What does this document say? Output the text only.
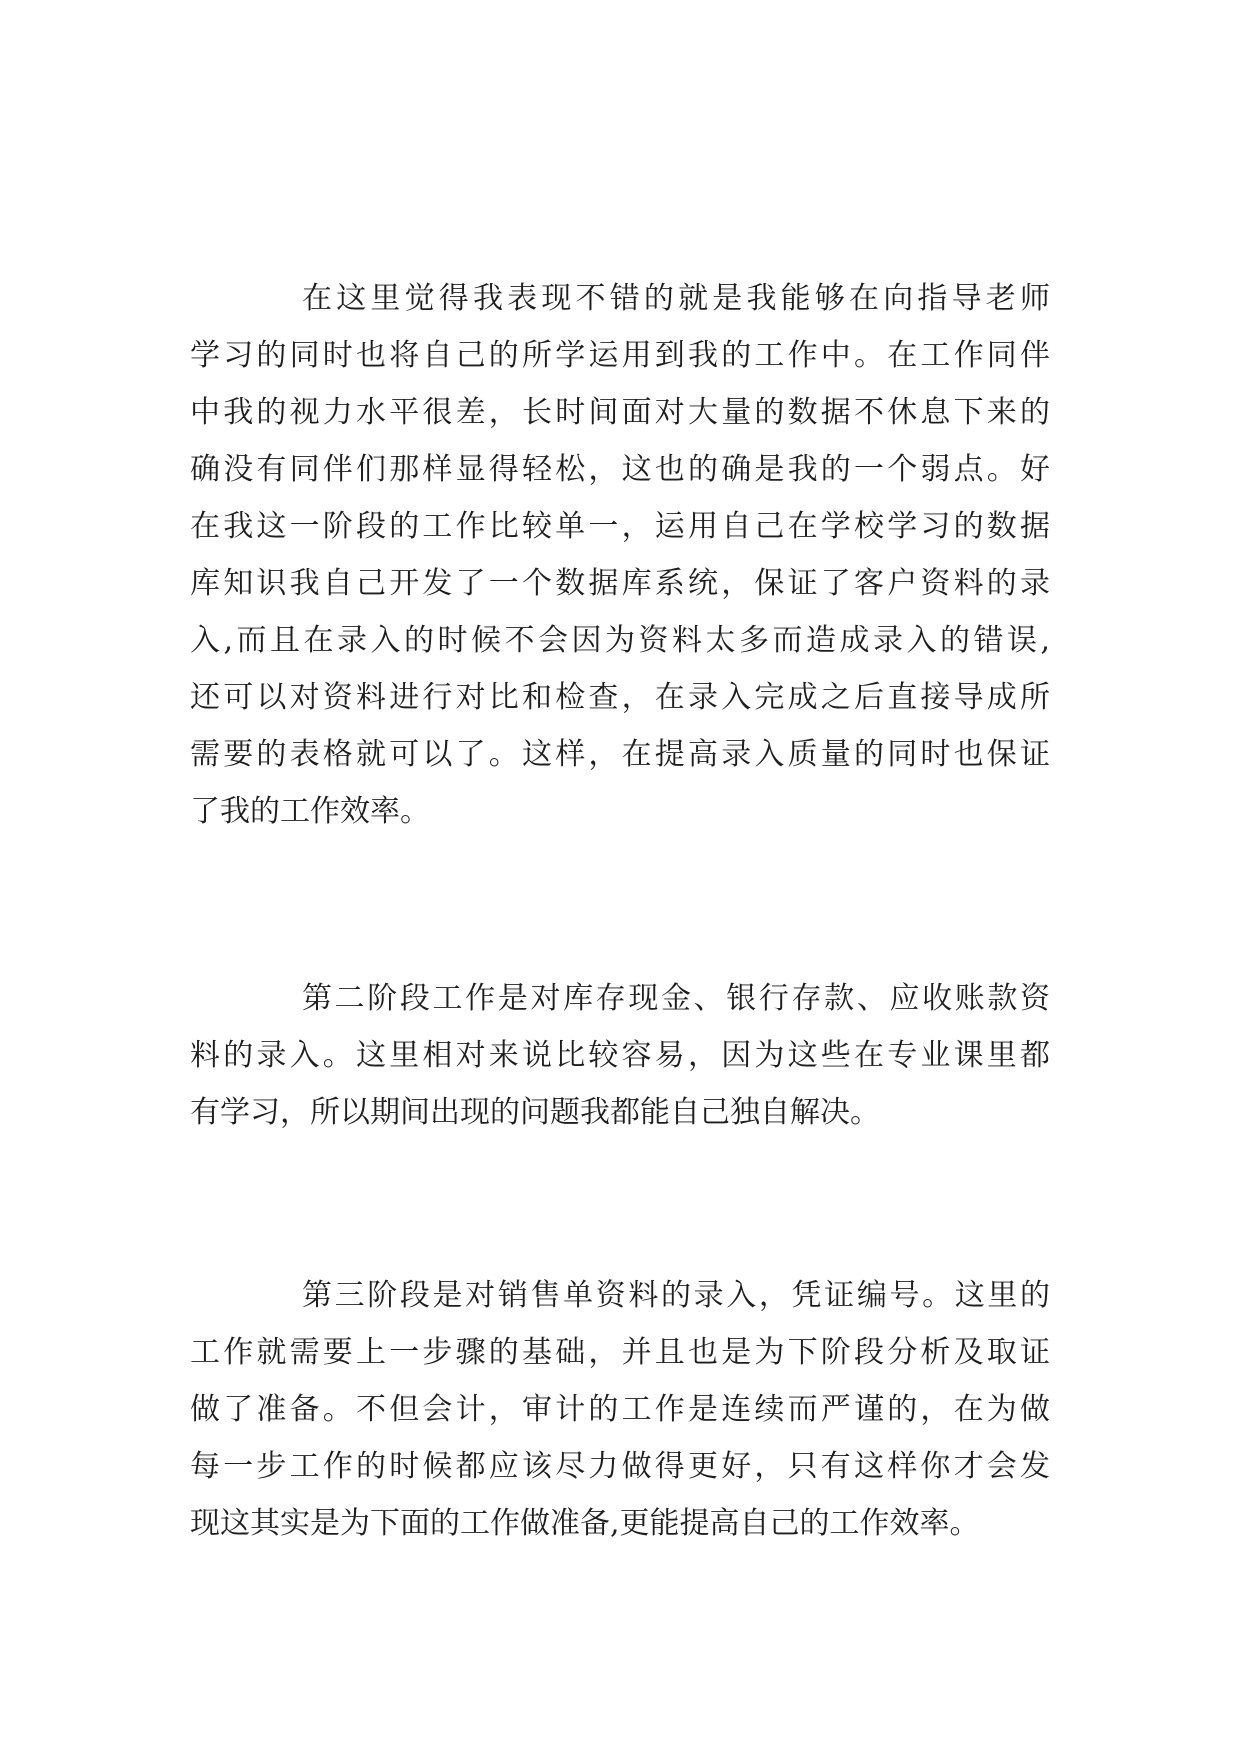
在这里觉得我表现不错的就是我能够在向指导老师
学习的同时也将自己的所学运用到我的工作中。在工作同伴
中我的视力水平很差，长时间面对大量的数据不休息下来的
确没有同伴们那样显得轻松，这也的确是我的一个弱点。好
在我这一阶段的工作比较单一，运用自己在学校学习的数据
库知识我自己开发了一个数据库系统，保证了客户资料的录
入,而且在录入的时候不会因为资料太多而造成录入的错误,
还可以对资料进行对比和检查，在录入完成之后直接导成所
需要的表格就可以了。这样，在提高录入质量的同时也保证
了我的工作效率。

第二阶段工作是对库存现金、银行存款、应收账款资
料的录入。这里相对来说比较容易，因为这些在专业课里都
有学习，所以期间出现的问题我都能自己独自解决。

第三阶段是对销售单资料的录入，凭证编号。这里的
工作就需要上一步骤的基础，并且也是为下阶段分析及取证
做了准备。不但会计，审计的工作是连续而严谨的，在为做
每一步工作的时候都应该尽力做得更好，只有这样你才会发
现这其实是为下面的工作做准备,更能提高自己的工作效率。
